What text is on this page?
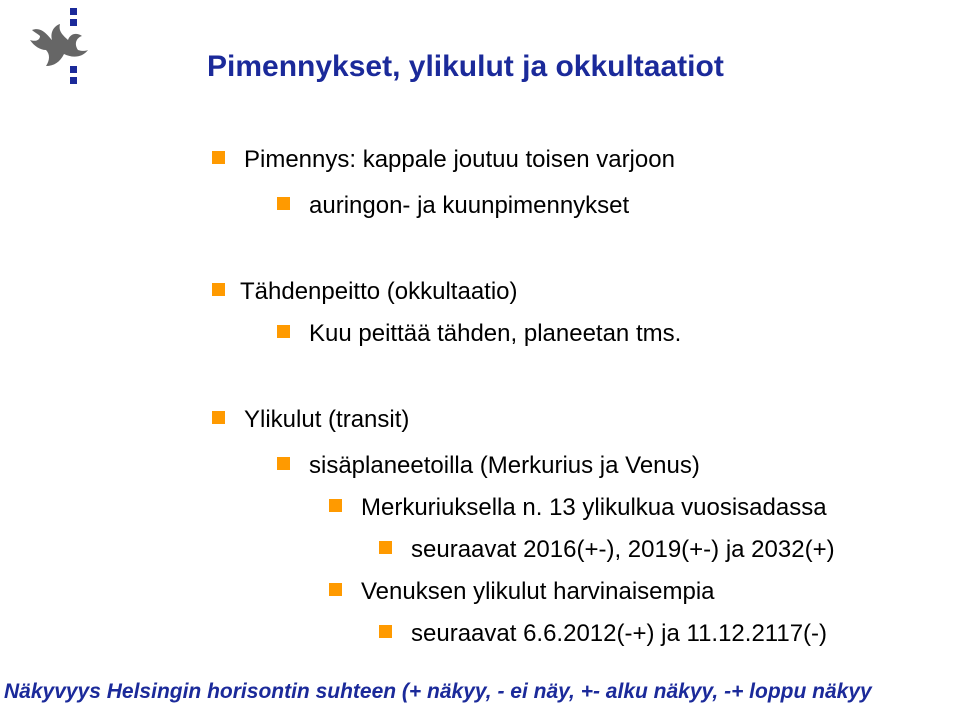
Pimennykset, ylikulut ja okkultaatiot
Pimennys: kappale joutuu toisen varjoon
auringon- ja kuunpimennykset
Tähdenpeitto (okkultaatio)
Kuu peittää tähden, planeetan tms.
Ylikulut (transit)
sisäplaneetoilla (Merkurius ja Venus)
Merkuriuksella n. 13 ylikulkua vuosisadassa
seuraavat 2016(+-), 2019(+-) ja 2032(+)
Venuksen ylikulut harvinaisempia
seuraavat 6.6.2012(-+) ja 11.12.2117(-)
Näkyvyys Helsingin horisontin suhteen (+ näkyy, - ei näy, +- alku näkyy, -+ loppu näkyy
